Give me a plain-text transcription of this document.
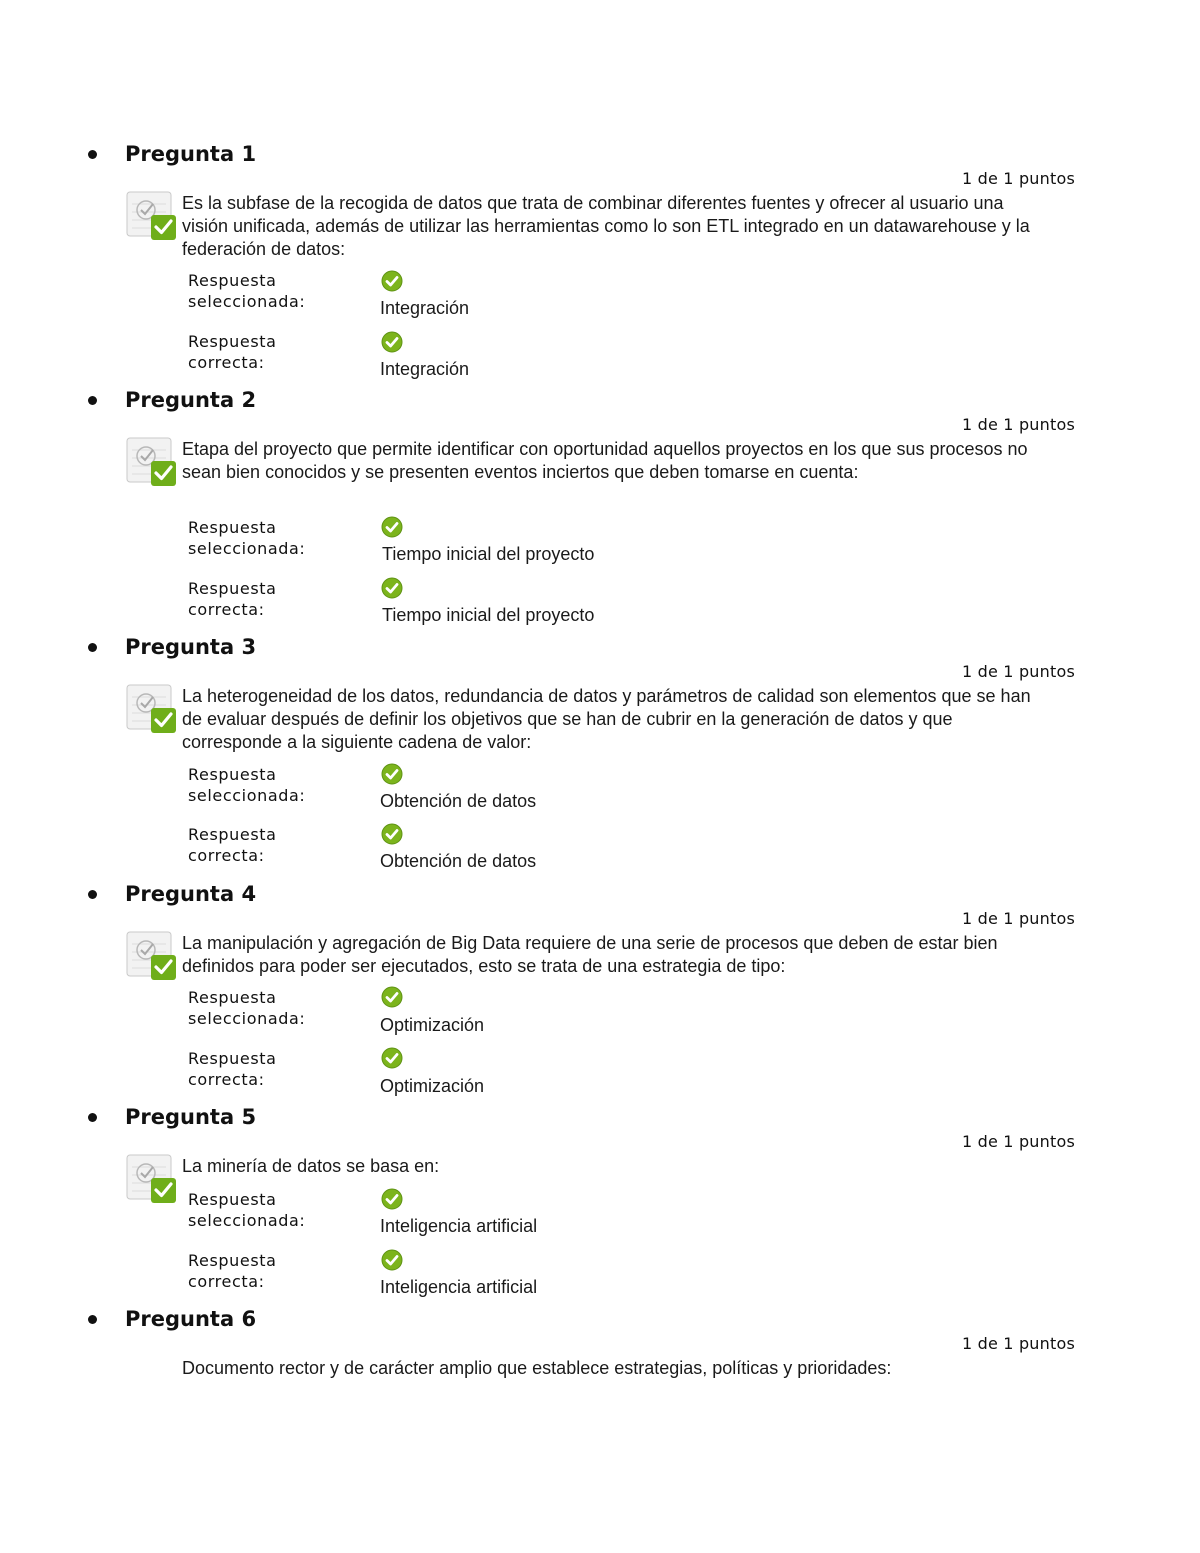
Pregunta 1
1 de 1 puntos
Es la subfase de la recogida de datos que trata de combinar diferentes fuentes y ofrecer al usuario una visión unificada, además de utilizar las herramientas como lo son ETL integrado en un datawarehouse y la federación de datos:
Respuesta seleccionada:	Integración
Respuesta correcta:	Integración
Pregunta 2
1 de 1 puntos
Etapa del proyecto que permite identificar con oportunidad aquellos proyectos en los que sus procesos no sean bien conocidos y se presenten eventos inciertos que deben tomarse en cuenta:
Respuesta seleccionada:	Tiempo inicial del proyecto
Respuesta correcta:	Tiempo inicial del proyecto
Pregunta 3
1 de 1 puntos
La heterogeneidad de los datos, redundancia de datos y parámetros de calidad son elementos que se han de evaluar después de definir los objetivos que se han de cubrir en la generación de datos y que corresponde a la siguiente cadena de valor:
Respuesta seleccionada:	Obtención de datos
Respuesta correcta:	Obtención de datos
Pregunta 4
1 de 1 puntos
La manipulación y agregación de Big Data requiere de una serie de procesos que deben de estar bien definidos para poder ser ejecutados, esto se trata de una estrategia de tipo:
Respuesta seleccionada:	Optimización
Respuesta correcta:	Optimización
Pregunta 5
1 de 1 puntos
La minería de datos se basa en:
Respuesta seleccionada:	Inteligencia artificial
Respuesta correcta:	Inteligencia artificial
Pregunta 6
1 de 1 puntos
Documento rector y de carácter amplio que establece estrategias, políticas y prioridades:
